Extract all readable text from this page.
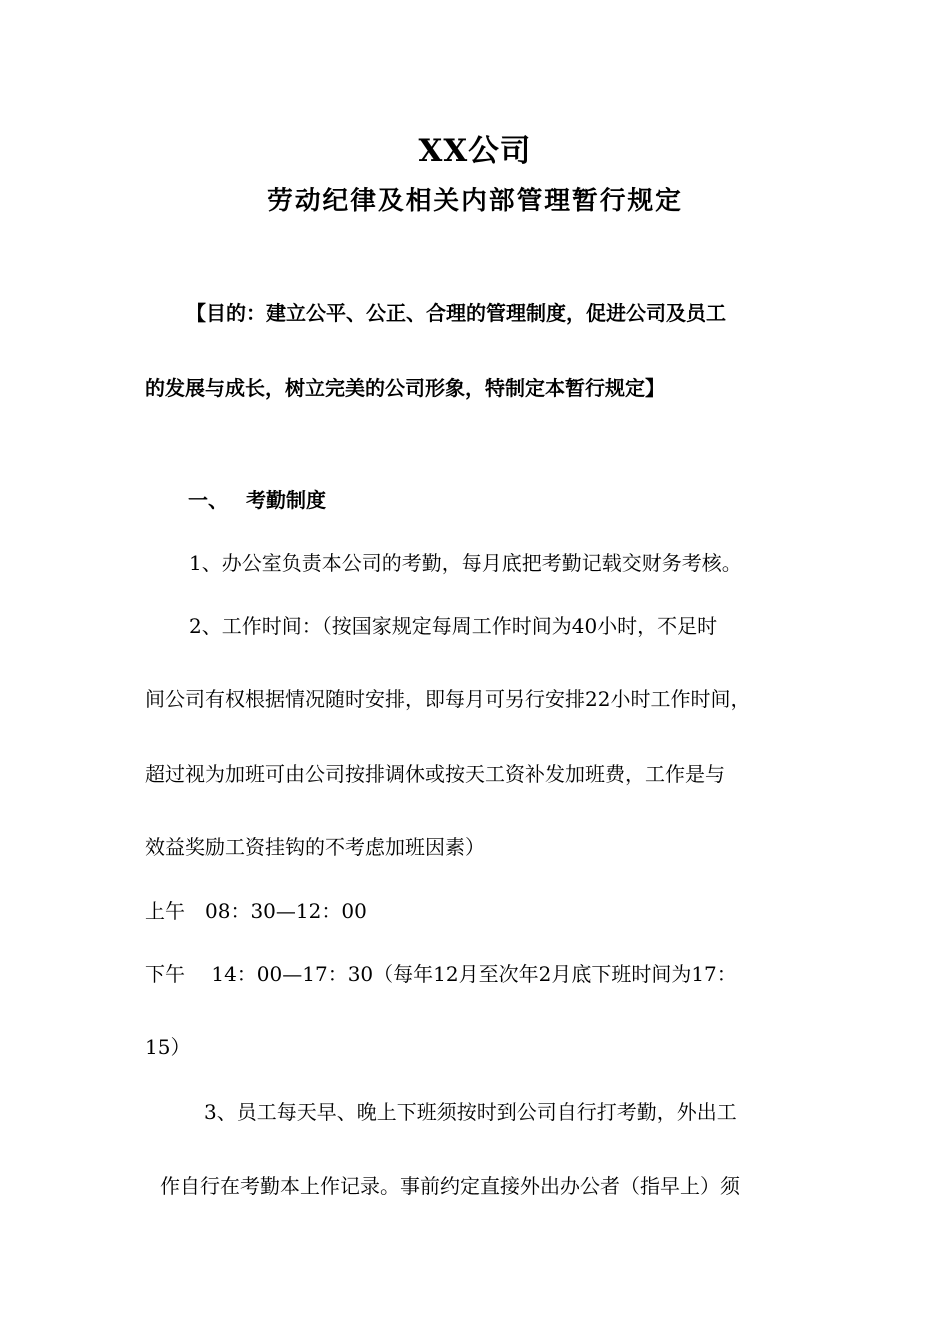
XX公司
劳动纪律及相关内部管理暂行规定
【目的：建立公平、公正、合理的管理制度，促进公司及员工
的发展与成长，树立完美的公司形象，特制定本暂行规定】
一、 考勤制度
1、办公室负责本公司的考勤，每月底把考勤记载交财务考核。
2、工作时间：（按国家规定每周工作时间为40小时，不足时
间公司有权根据情况随时安排，即每月可另行安排22小时工作时间，
超过视为加班可由公司按排调休或按天工资补发加班费，工作是与
效益奖励工资挂钩的不考虑加班因素）
上午　08：30—12：00
下午　 14：00—17：30（每年12月至次年2月底下班时间为17：
15）
3、员工每天早、晚上下班须按时到公司自行打考勤，外出工
作自行在考勤本上作记录。事前约定直接外出办公者（指早上）须
